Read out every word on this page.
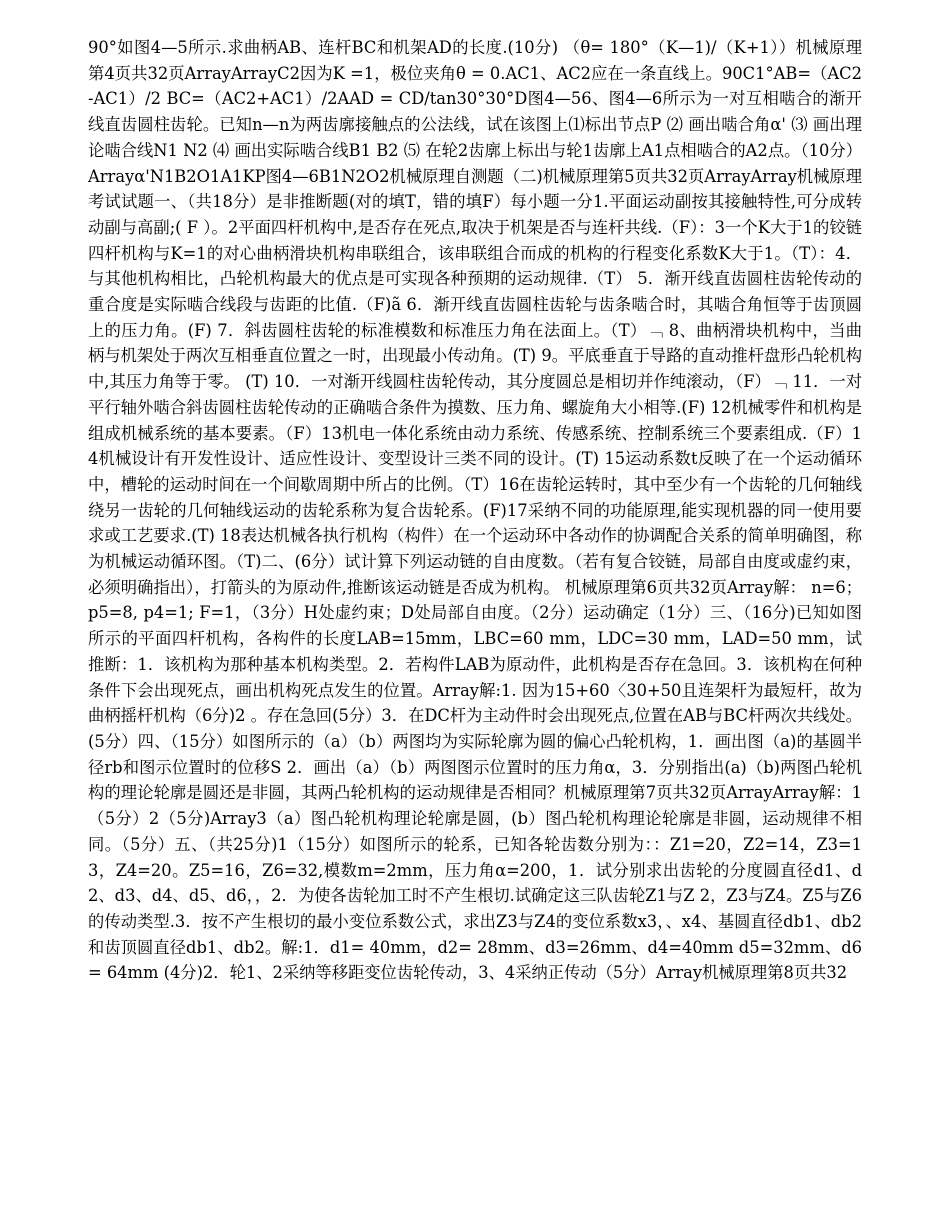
90°如图4—5所示.求曲柄AB、连杆BC和机架AD的长度.(10分) （θ= 180°（K—1)/（K+1））机械原理第4页共32页ArrayArrayC2因为K =1，极位夹角θ = 0.AC1、AC2应在一条直线上。90C1°AB=（AC2-AC1）/2 BC=（AC2+AC1）/2AAD = CD/tan30°30°D图4—56、图4—6所示为一对互相啮合的渐开线直齿圆柱齿轮。已知n—n为两齿廓接触点的公法线，试在该图上⑴标出节点P ⑵ 画出啮合角α' ⑶ 画出理论啮合线N1 N2 ⑷ 画出实际啮合线B1 B2 ⑸ 在轮2齿廓上标出与轮1齿廓上A1点相啮合的A2点。（10分）Arrayα'N1B2O1A1KP图4—6B1N2O2机械原理自测题（二)机械原理第5页共32页ArrayArray机械原理考试试题一、（共18分）是非推断题(对的填T，错的填F）每小题一分1.平面运动副按其接触特性,可分成转动副与高副;( F ）。2平面四杆机构中,是否存在死点,取决于机架是否与连杆共线.（F）：3一个K大于1的铰链四杆机构与K=1的对心曲柄滑块机构串联组合，该串联组合而成的机构的行程变化系数K大于1。（T）：4．与其他机构相比，凸轮机构最大的优点是可实现各种预期的运动规律.（T） 5．渐开线直齿圆柱齿轮传动的重合度是实际啮合线段与齿距的比值.（F)ã 6．渐开线直齿圆柱齿轮与齿条啮合时，其啮合角恒等于齿顶圆上的压力角。(F) 7．斜齿圆柱齿轮的标准模数和标准压力角在法面上。（T）﹁ 8、曲柄滑块机构中，当曲柄与机架处于两次互相垂直位置之一时，出现最小传动角。(T) 9。平底垂直于导路的直动推杆盘形凸轮机构中,其压力角等于零。 (T) 10．一对渐开线圆柱齿轮传动，其分度圆总是相切并作纯滚动，（F）﹁ 11．一对平行轴外啮合斜齿圆柱齿轮传动的正确啮合条件为摸数、压力角、螺旋角大小相等.(F) 12机械零件和机构是组成机械系统的基本要素。（F）13机电一体化系统由动力系统、传感系统、控制系统三个要素组成.（F）14机械设计有开发性设计、适应性设计、变型设计三类不同的设计。(T) 15运动系数t反映了在一个运动循环中，槽轮的运动时间在一个间歇周期中所占的比例。（T）16在齿轮运转时，其中至少有一个齿轮的几何轴线绕另一齿轮的几何轴线运动的齿轮系称为复合齿轮系。(F)17采纳不同的功能原理,能实现机器的同一使用要求或工艺要求.(T) 18表达机械各执行机构（构件）在一个运动环中各动作的协调配合关系的简单明确图，称为机械运动循环图。（T)二、(6分）试计算下列运动链的自由度数。（若有复合铰链，局部自由度或虚约束，必须明确指出），打箭头的为原动件,推断该运动链是否成为机构。 机械原理第6页共32页Array解： n=6； p5=8, p4=1; F=1，（3分）H处虚约束；D处局部自由度。（2分）运动确定（1分）三、（16分)已知如图所示的平面四杆机构，各构件的长度LAB=15mm，LBC=60 mm，LDC=30 mm，LAD=50 mm，试推断：1．该机构为那种基本机构类型。2．若构件LAB为原动件，此机构是否存在急回。3．该机构在何种条件下会出现死点，画出机构死点发生的位置。Array解:1. 因为15+60〈30+50且连架杆为最短杆，故为曲柄摇杆机构（6分)2 。存在急回(5分）3．在DC杆为主动件时会出现死点,位置在AB与BC杆两次共线处。(5分）四、（15分）如图所示的（a）（b）两图均为实际轮廓为圆的偏心凸轮机构，1．画出图（a)的基圆半径rb和图示位置时的位移S 2．画出（a）（b）两图图示位置时的压力角α，3．分别指出(a)（b)两图凸轮机构的理论轮廓是圆还是非圆，其两凸轮机构的运动规律是否相同？机械原理第7页共32页ArrayArray解：1（5分）2（5分)Array3（a）图凸轮机构理论轮廓是圆，(b）图凸轮机构理论轮廓是非圆，运动规律不相同。（5分）五、（共25分)1（15分）如图所示的轮系，已知各轮齿数分别为：：Z1=20，Z2=14，Z3=13，Z4=20。Z5=16，Z6=32,模数m=2mm，压力角α=200，1．试分别求出齿轮的分度圆直径d1、d2、d3、d4、d5、d6，，2．为使各齿轮加工时不产生根切.试确定这三队齿轮Z1与Z 2，Z3与Z4。Z5与Z6的传动类型.3．按不产生根切的最小变位系数公式，求出Z3与Z4的变位系数x3，、x4、基圆直径db1、db2和齿顶圆直径db1、db2。解:1．d1= 40mm，d2= 28mm、d3=26mm、d4=40mm d5=32mm、d6= 64mm (4分)2．轮1、2采纳等移距变位齿轮传动，3、4采纳正传动（5分）Array机械原理第8页共32
